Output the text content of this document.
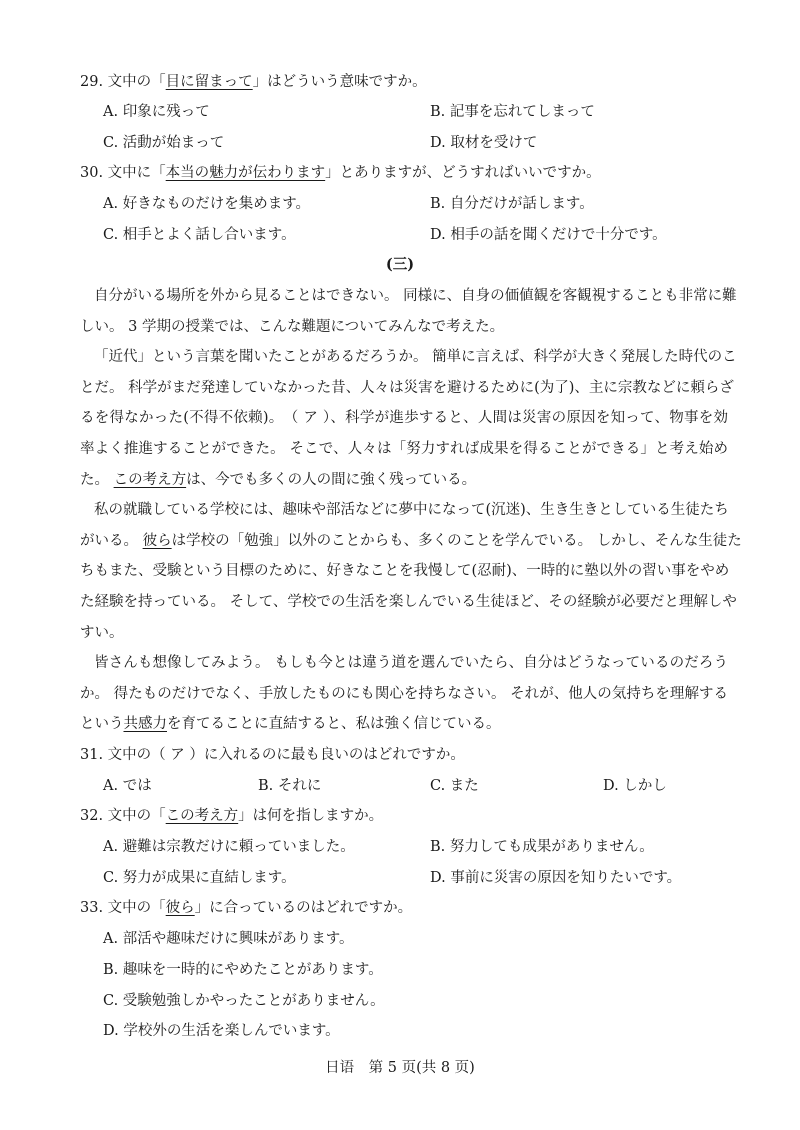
29. 文中の「目に留まって」はどういう意味ですか。
A. 印象に残って	B. 記事を忘れてしまって
C. 活動が始まって	D. 取材を受けて
30. 文中に「本当の魅力が伝わります」とありますが、どうすればいいですか。
A. 好きなものだけを集めます。	B. 自分だけが話します。
C. 相手とよく話し合います。	D. 相手の話を聞くだけで十分です。
(三)
自分がいる場所を外から見ることはできない。 同様に、自身の価値観を客観視することも非常に難
しい。 3 学期の授業では、こんな難題についてみんなで考えた。
「近代」という言葉を聞いたことがあるだろうか。 簡単に言えば、科学が大きく発展した時代のこ
とだ。 科学がまだ発達していなかった昔、人々は災害を避けるために(为了)、主に宗教などに頼らざ
るを得なかった(不得不依赖)。　（ ア ）、科学が進歩すると、人間は災害の原因を知って、物事を効
率よく推進することができた。 そこで、人々は「努力すれば成果を得ることができる」と考え始め
た。 この考え方は、今でも多くの人の間に強く残っている。
私の就職している学校には、趣味や部活などに夢中になって(沉迷)、生き生きとしている生徒たち
がいる。 彼らは学校の「勉強」以外のことからも、多くのことを学んでいる。 しかし、そんな生徒た
ちもまた、受験という目標のために、好きなことを我慢して(忍耐)、一時的に塾以外の習い事をやめ
た経験を持っている。 そして、学校での生活を楽しんでいる生徒ほど、その経験が必要だと理解しや
すい。
皆さんも想像してみよう。 もしも今とは違う道を選んでいたら、自分はどうなっているのだろう
か。 得たものだけでなく、手放したものにも関心を持ちなさい。 それが、他人の気持ちを理解する
という共感力を育てることに直結すると、私は強く信じている。
31. 文中の（ ア ）に入れるのに最も良いのはどれですか。
A. では	B. それに	C. また	D. しかし
32. 文中の「この考え方」は何を指しますか。
A. 避難は宗教だけに頼っていました。	B. 努力しても成果がありません。
C. 努力が成果に直結します。	D. 事前に災害の原因を知りたいです。
33. 文中の「彼ら」に合っているのはどれですか。
A. 部活や趣味だけに興味があります。
B. 趣味を一時的にやめたことがあります。
C. 受験勉強しかやったことがありません。
D. 学校外の生活を楽しんでいます。
日语　第 5 页(共 8 页)
